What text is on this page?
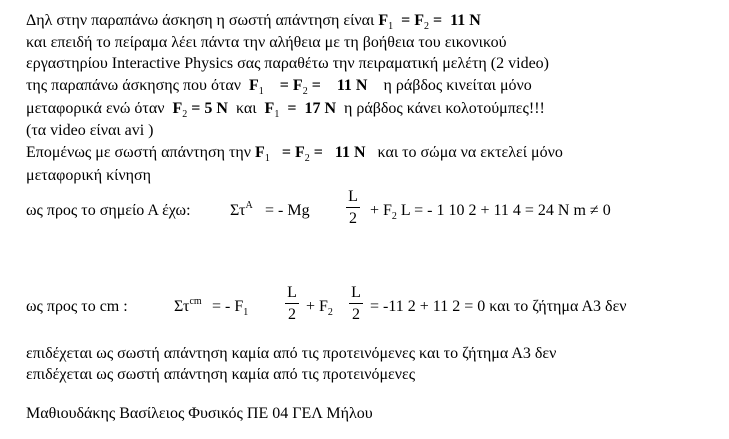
Δηλ στην παραπάνω άσκηση η σωστή απάντηση είναι $F_1 = F_2 = 11$ N
και επειδή το πείραμα λέει πάντα την αλήθεια με τη βοήθεια του εικονικού
εργαστηρίου Interactive Physics σας παραθέτω την πειραματική μελέτη (2 video)
της παραπάνω άσκησης που όταν $F_1 = F_2 = 11$ N η ράβδος κινείται μόνο
μεταφορικά ενώ όταν $F_2 = 5$ N και $F_1 = 17$ N η ράβδος κάνει κολοτούμπες!!!
(τα video είναι avi )
Επομένως με σωστή απάντηση την $F_1 = F_2 = 11$ N και το σώμα να εκτελεί μόνο
μεταφορική κίνηση
ως προς το σημείο Α έχω: $\Sigma\tau^A$ = - Mg
L
$2 + F_2$ L = - 1 10 2 + 11 4 = 24 N m ≠ 0
ως προς το cm :	$\Sigma\tau^{cm}$ = - $F_1$
L
$2 + F_2$
L
2 = -11 2 + 11 2 = 0 και το ζήτημα Α3 δεν
επιδέχεται ως σωστή απάντηση καμία από τις προτεινόμενες και το ζήτημα Α3 δεν
επιδέχεται ως σωστή απάντηση καμία από τις προτεινόμενες
Μαθιουδάκης Βασίλειος Φυσικός ΠΕ 04 ΓΕΛ Μήλου
